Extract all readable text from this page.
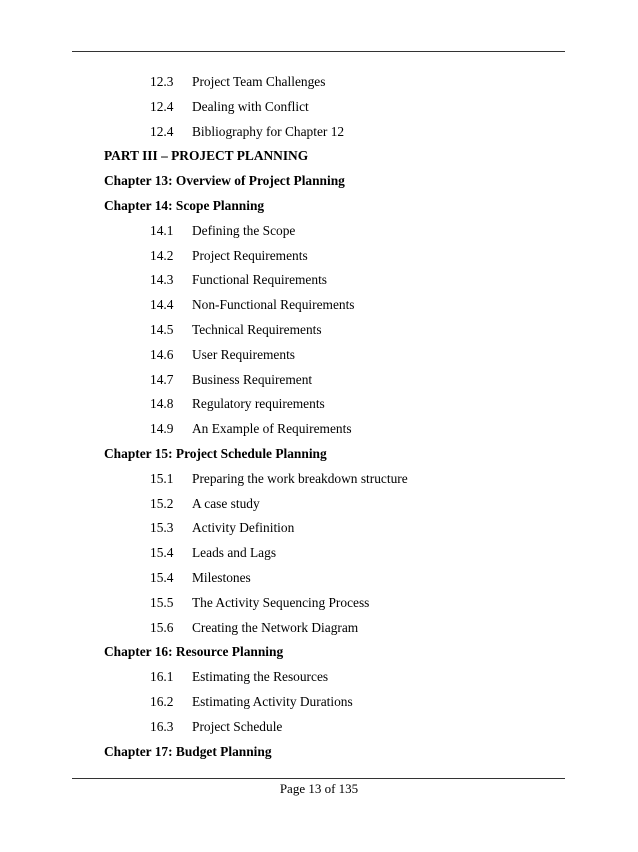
12.3 Project Team Challenges
12.4 Dealing with Conflict
12.4 Bibliography for Chapter 12
PART III – PROJECT PLANNING
Chapter 13: Overview of Project Planning
Chapter 14: Scope Planning
14.1 Defining the Scope
14.2 Project Requirements
14.3 Functional Requirements
14.4 Non-Functional Requirements
14.5 Technical Requirements
14.6 User Requirements
14.7 Business Requirement
14.8 Regulatory requirements
14.9 An Example of Requirements
Chapter 15: Project Schedule Planning
15.1 Preparing the work breakdown structure
15.2 A case study
15.3 Activity Definition
15.4 Leads and Lags
15.4 Milestones
15.5 The Activity Sequencing Process
15.6 Creating the Network Diagram
Chapter 16: Resource Planning
16.1 Estimating the Resources
16.2 Estimating Activity Durations
16.3 Project Schedule
Chapter 17: Budget Planning
Page 13 of 135
